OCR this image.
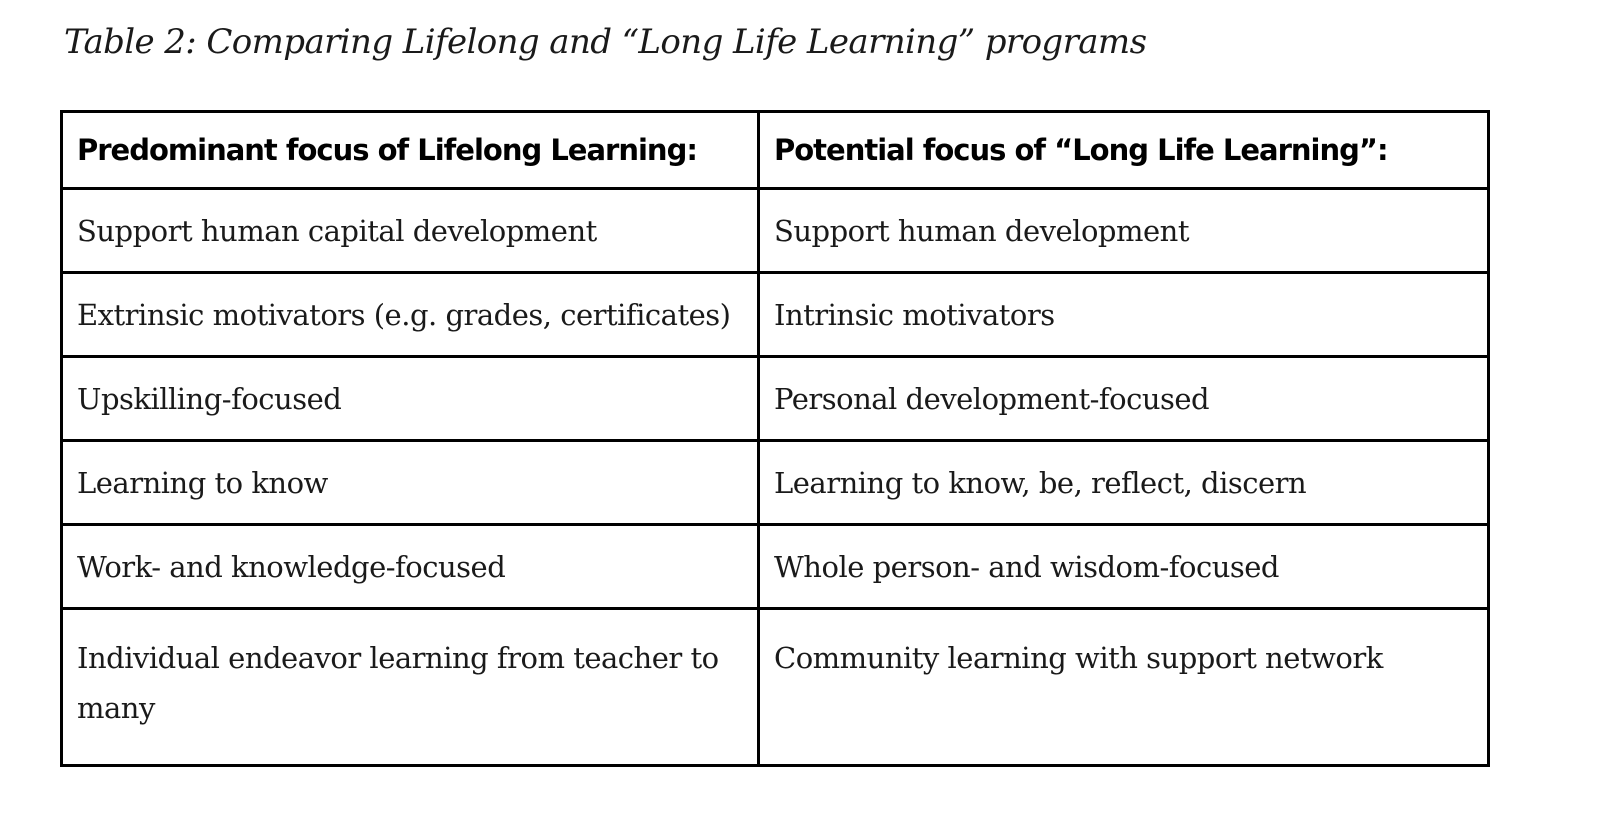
Table 2: Comparing Lifelong and “Long Life Learning” programs
Predominant focus of Lifelong Learning:	Potential focus of “Long Life Learning”:
Support human capital development	Support human development
Extrinsic motivators (e.g. grades, certificates)	Intrinsic motivators
Upskilling-focused	Personal development-focused
Learning to know	Learning to know, be, reflect, discern
Work- and knowledge-focused	Whole person- and wisdom-focused
Individual endeavor learning from teacher to many	Community learning with support network
